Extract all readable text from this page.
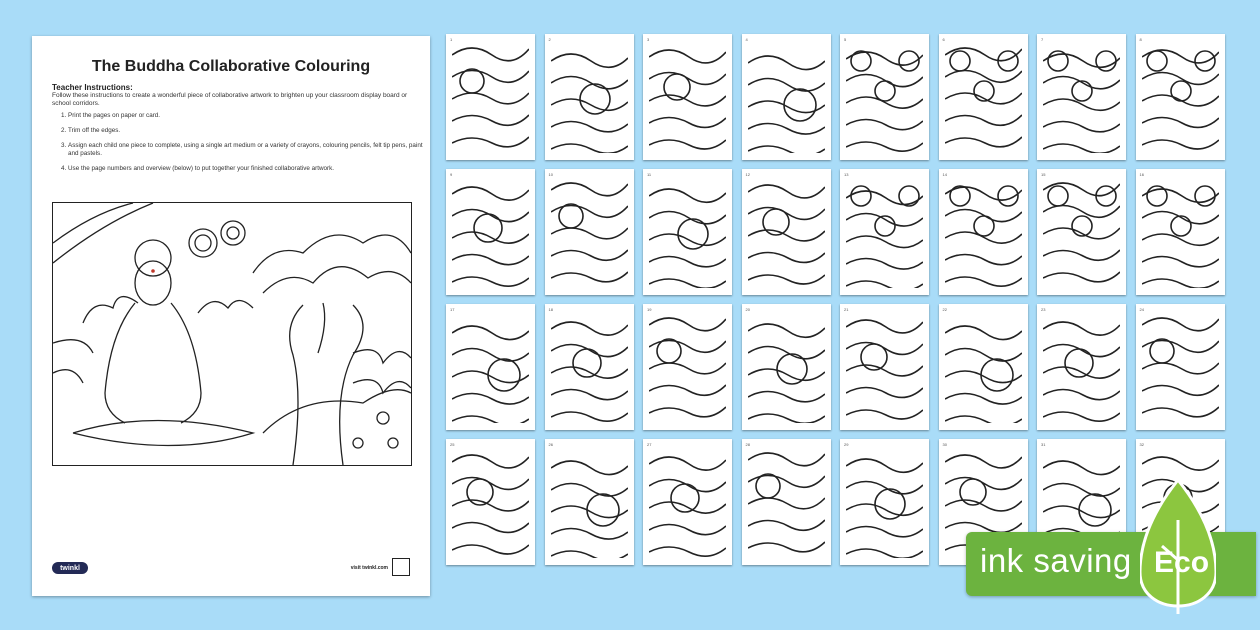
The Buddha Collaborative Colouring
Teacher Instructions:
Follow these instructions to create a wonderful piece of collaborative artwork to brighten up your classroom display board or school corridors.
1. Print the pages on paper or card.
2. Trim off the edges.
3. Assign each child one piece to complete, using a single art medium or a variety of crayons, colouring pencils, felt tip pens, paint and pastels.
4. Use the page numbers and overview (below) to put together your finished collaborative artwork.
twinkl	visit twinkl.com
1	2	3	4	5	6	7	8
9	10	11	12	13	14	15	16
17	18	19	20	21	22	23	24
25	26	27	28	29	30	31	32
ink saving Eco
